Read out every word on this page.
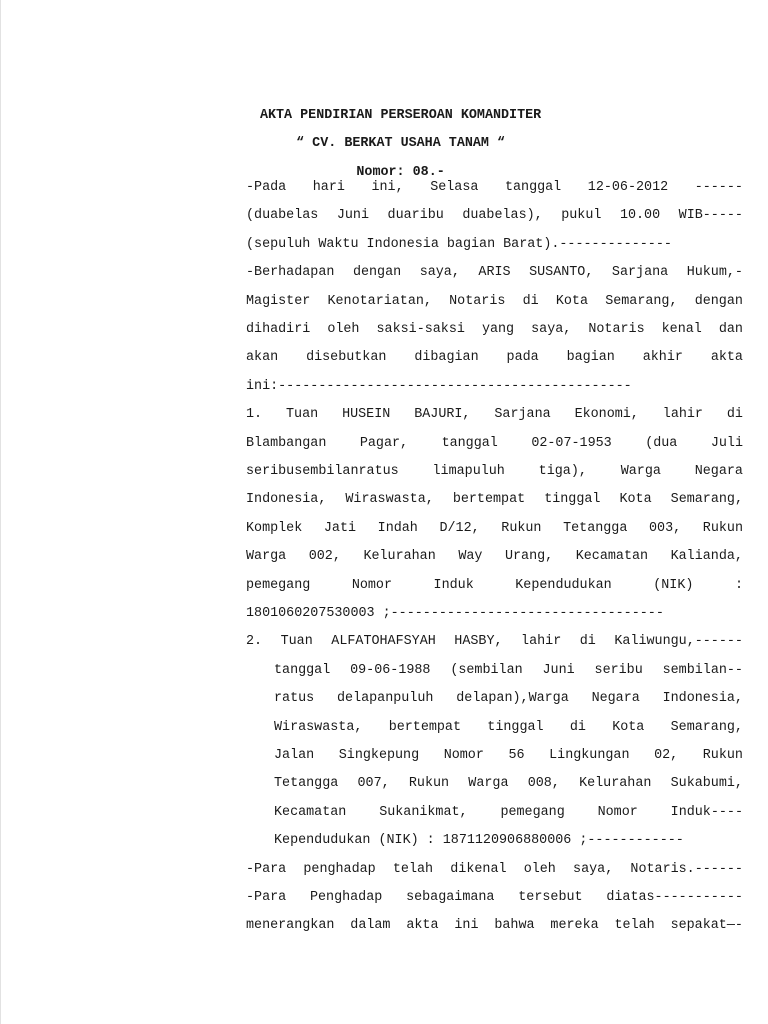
AKTA PENDIRIAN PERSEROAN KOMANDITER

“ CV. BERKAT USAHA TANAM “

Nomor: 08.-

-Pada hari ini, Selasa tanggal 12-06-2012 ------
(duabelas Juni duaribu duabelas), pukul 10.00 WIB-----
(sepuluh Waktu Indonesia bagian Barat).--------------
-Berhadapan dengan saya, ARIS SUSANTO, Sarjana Hukum,-
Magister Kenotariatan, Notaris di Kota Semarang, dengan
dihadiri oleh saksi-saksi yang saya, Notaris kenal dan
akan disebutkan dibagian pada bagian akhir akta
ini:--------------------------------------------
1. Tuan HUSEIN BAJURI, Sarjana Ekonomi, lahir di
Blambangan	Pagar,	tanggal	02-07-1953	(dua	Juli
seribusembilanratus	limapuluh	tiga),	Warga	Negara
Indonesia, Wiraswasta, bertempat tinggal Kota Semarang,
Komplek Jati Indah D/12, Rukun Tetangga 003, Rukun
Warga 002, Kelurahan Way Urang, Kecamatan Kalianda,
pemegang	Nomor	Induk	Kependudukan	(NIK)	:
1801060207530003 ;----------------------------------
2. Tuan ALFATOHAFSYAH HASBY, lahir di Kaliwungu,------
tanggal 09-06-1988 (sembilan Juni seribu sembilan--
ratus delapanpuluh delapan),Warga Negara Indonesia,
Wiraswasta, bertempat tinggal di Kota Semarang,
Jalan Singkepung Nomor 56 Lingkungan 02, Rukun
Tetangga 007, Rukun Warga 008, Kelurahan Sukabumi,
Kecamatan Sukanikmat, pemegang Nomor Induk----
Kependudukan (NIK) : 1871120906880006 ;------------
-Para penghadap telah dikenal oleh saya, Notaris.------
-Para Penghadap sebagaimana tersebut diatas-----------
menerangkan dalam akta ini bahwa mereka telah sepakat—-
